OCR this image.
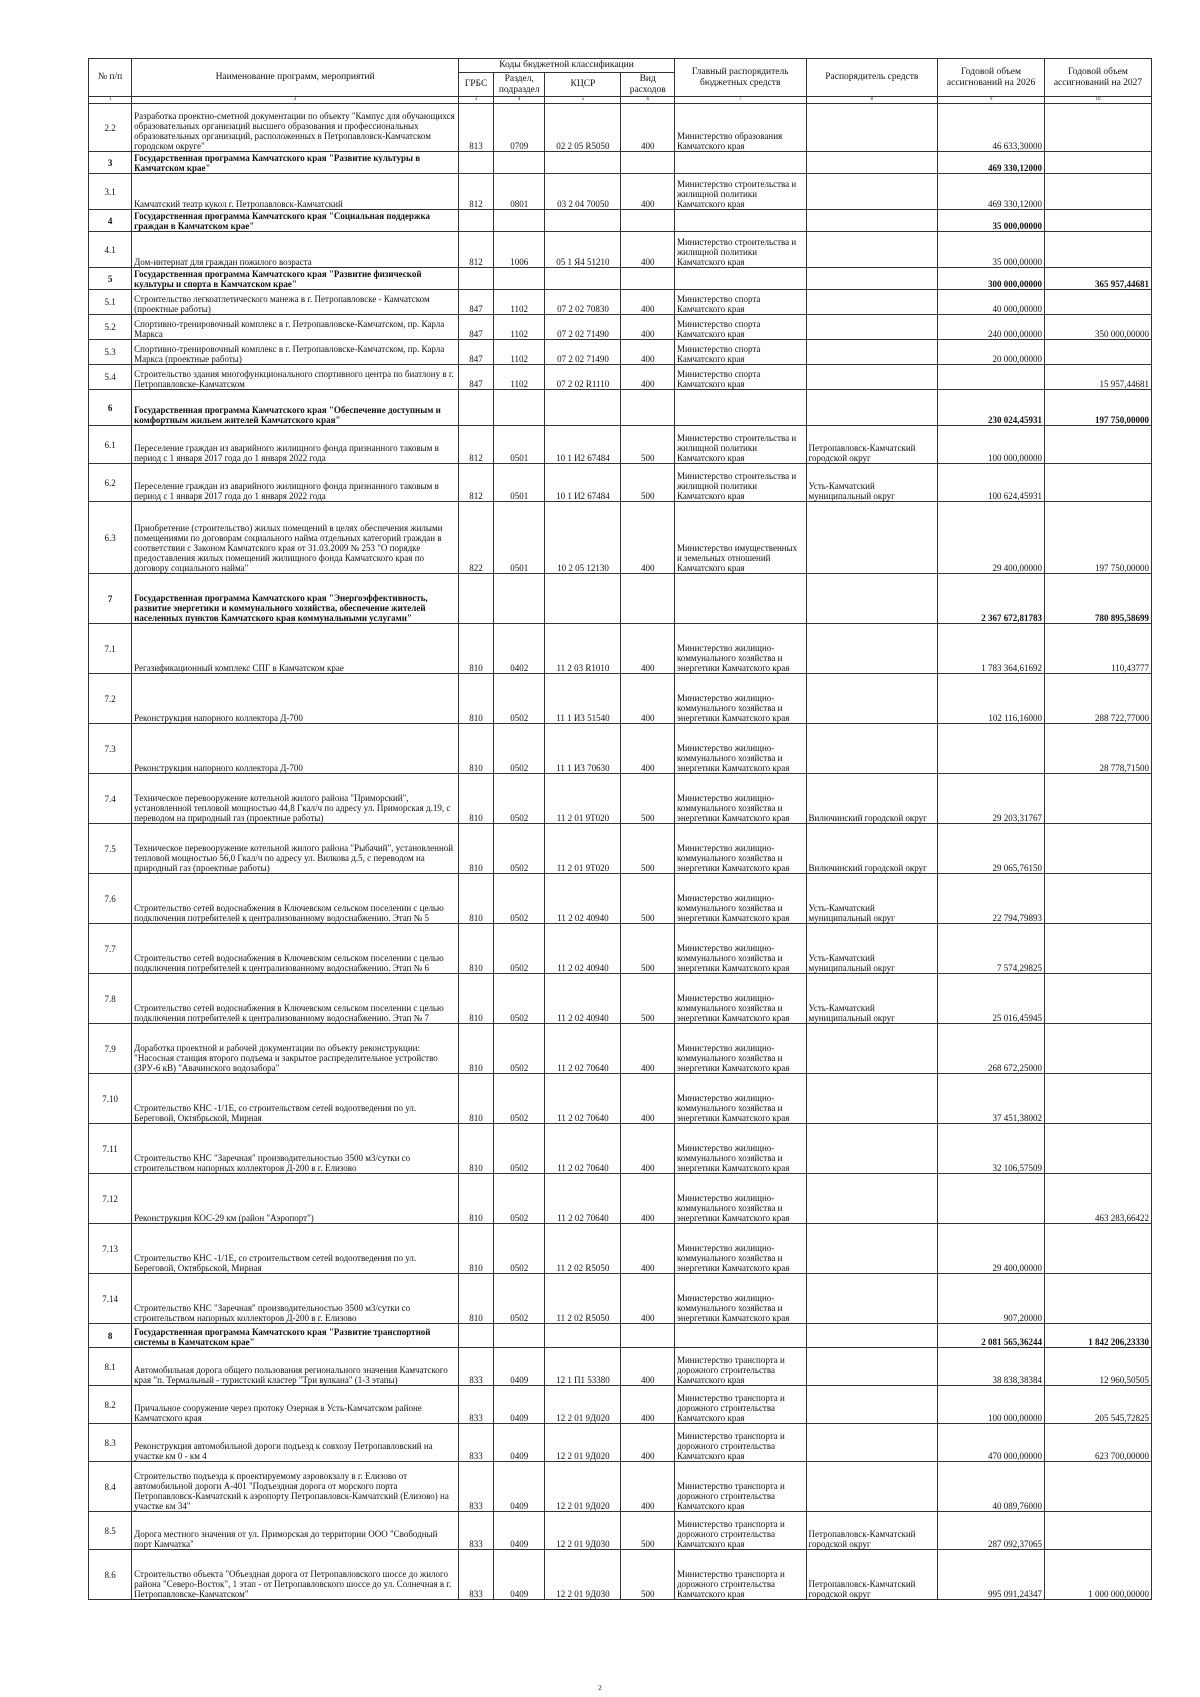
№ п/п	Наименование программ, мероприятий	Коды бюджетной классификации				Главный распорядитель бюджетных средств	Распорядитель средств	Годовой объем ассигнований на 2026	Годовой объем ассигнований на 2027
		ГРБС	Раздел, подраздел	КЦСР	Вид расходов				
1	2	3	4	5	6	7	8	9	10
2.2	Разработка проектно-сметной документации по объекту "Кампус для обучающихся образовательных организаций высшего образования и профессиональных образовательных организаций, расположенных в Петропавловск-Камчатском городском округе"	813	0709	02 2 05 R5050	400	Министерство образования Камчатского края		46 633,30000	
3	Государственная программа Камчатского края "Развитие культуры в Камчатском крае"							469 330,12000	
3.1	Камчатский театр кукол г. Петропавловск-Камчатский	812	0801	03 2 04 70050	400	Министерство строительства и жилищной политики Камчатского края		469 330,12000	
4	Государственная программа Камчатского края "Социальная поддержка граждан в Камчатском крае"							35 000,00000	
4.1	Дом-интернат для граждан пожилого возраста	812	1006	05 1 Я4 51210	400	Министерство строительства и жилищной политики Камчатского края		35 000,00000	
5	Государственная программа Камчатского края "Развитие физической культуры и спорта в Камчатском крае"							300 000,00000	365 957,44681
5.1	Строительство легкоатлетического манежа в г. Петропавловске - Камчатском (проектные работы)	847	1102	07 2 02 70830	400	Министерство спорта Камчатского края		40 000,00000	
5.2	Спортивно-тренировочный комплекс в г. Петропавловске-Камчатском, пр. Карла Маркса	847	1102	07 2 02 71490	400	Министерство спорта Камчатского края		240 000,00000	350 000,00000
5.3	Спортивно-тренировочный комплекс в г. Петропавловске-Камчатском, пр. Карла Маркса (проектные работы)	847	1102	07 2 02 71490	400	Министерство спорта Камчатского края		20 000,00000	
5.4	Строительство здания многофункционального спортивного центра по биатлону в г. Петропавловске-Камчатском	847	1102	07 2 02 R1110	400	Министерство спорта Камчатского края			15 957,44681
6	Государственная программа Камчатского края "Обеспечение доступным и комфортным жильем жителей Камчатского края"							230 024,45931	197 750,00000
6.1	Переселение граждан из аварийного жилищного фонда признанного таковым в период с 1 января 2017 года до 1 января 2022 года	812	0501	10 1 И2 67484	500	Министерство строительства и жилищной политики Камчатского края	Петропавловск-Камчатский городской округ	100 000,00000	
6.2	Переселение граждан из аварийного жилищного фонда признанного таковым в период с 1 января 2017 года до 1 января 2022 года	812	0501	10 1 И2 67484	500	Министерство строительства и жилищной политики Камчатского края	Усть-Камчатский муниципальный округ	100 624,45931	
6.3	Приобретение (строительство) жилых помещений в целях обеспечения жилыми помещениями по договорам социального найма отдельных категорий граждан в соответствии с Законом Камчатского края от 31.03.2009 № 253 "О порядке предоставления жилых помещений жилищного фонда Камчатского края по договору социального найма"	822	0501	10 2 05 12130	400	Министерство имущественных и земельных отношений Камчатского края		29 400,00000	197 750,00000
7	Государственная программа Камчатского края "Энергоэффективность, развитие энергетики и коммунального хозяйства, обеспечение жителей населенных пунктов Камчатского края коммунальными услугами"							2 367 672,81783	780 895,58699
7.1	Регазификационный комплекс СПГ в Камчатском крае	810	0402	11 2 03 R1010	400	Министерство жилищно-коммунального хозяйства и энергетики Камчатского края		1 783 364,61692	110,43777
7.2	Реконструкция напорного коллектора Д-700	810	0502	11 1 И3 51540	400	Министерство жилищно-коммунального хозяйства и энергетики Камчатского края		102 116,16000	288 722,77000
7.3	Реконструкция напорного коллектора Д-700	810	0502	11 1 И3 70630	400	Министерство жилищно-коммунального хозяйства и энергетики Камчатского края			28 778,71500
7.4	Техническое перевооружение котельной жилого района "Приморский", установленной тепловой мощностью 44,8 Гкал/ч по адресу ул. Приморская д.19, с переводом на природный газ (проектные работы)	810	0502	11 2 01 9Т020	500	Министерство жилищно-коммунального хозяйства и энергетики Камчатского края	Вилючинский городской округ	29 203,31767	
7.5	Техническое перевооружение котельной жилого района "Рыбачий", установленной тепловой мощностью 56,0 Гкал/ч по адресу ул. Вилкова д.5, с переводом на природный газ (проектные работы)	810	0502	11 2 01 9Т020	500	Министерство жилищно-коммунального хозяйства и энергетики Камчатского края	Вилючинский городской округ	29 065,76150	
7.6	Строительство сетей водоснабжения в Ключевском сельском поселении с целью подключения потребителей к централизованному водоснабжению. Этап № 5	810	0502	11 2 02 40940	500	Министерство жилищно-коммунального хозяйства и энергетики Камчатского края	Усть-Камчатский муниципальный округ	22 794,79893	
7.7	Строительство сетей водоснабжения в Ключевском сельском поселении с целью подключения потребителей к централизованному водоснабжению. Этап № 6	810	0502	11 2 02 40940	500	Министерство жилищно-коммунального хозяйства и энергетики Камчатского края	Усть-Камчатский муниципальный округ	7 574,29825	
7.8	Строительство сетей водоснабжения в Ключевском сельском поселении с целью подключения потребителей к централизованному водоснабжению. Этап № 7	810	0502	11 2 02 40940	500	Министерство жилищно-коммунального хозяйства и энергетики Камчатского края	Усть-Камчатский муниципальный округ	25 016,45945	
7.9	Доработка проектной и рабочей документации по объекту реконструкции: "Насосная станция второго подъема и закрытое распределительное устройство (ЗРУ-6 кВ) "Авачинского водозабора"	810	0502	11 2 02 70640	400	Министерство жилищно-коммунального хозяйства и энергетики Камчатского края		268 672,25000	
7.10	Строительство КНС -1/1Е, со строительством сетей водоотведения по ул. Береговой, Октябрьской, Мирная	810	0502	11 2 02 70640	400	Министерство жилищно-коммунального хозяйства и энергетики Камчатского края		37 451,38002	
7.11	Строительство КНС "Заречная" производительностью 3500 м3/сутки со строительством напорных коллекторов Д-200 в г. Елизово	810	0502	11 2 02 70640	400	Министерство жилищно-коммунального хозяйства и энергетики Камчатского края		32 106,57509	
7.12	Реконструкция КОС-29 км (район "Аэропорт")	810	0502	11 2 02 70640	400	Министерство жилищно-коммунального хозяйства и энергетики Камчатского края			463 283,66422
7.13	Строительство КНС -1/1Е, со строительством сетей водоотведения по ул. Береговой, Октябрьской, Мирная	810	0502	11 2 02 R5050	400	Министерство жилищно-коммунального хозяйства и энергетики Камчатского края		29 400,00000	
7.14	Строительство КНС "Заречная" производительностью 3500 м3/сутки со строительством напорных коллекторов Д-200 в г. Елизово	810	0502	11 2 02 R5050	400	Министерство жилищно-коммунального хозяйства и энергетики Камчатского края		907,20000	
8	Государственная программа Камчатского края "Развитие транспортной системы в Камчатском крае"							2 081 565,36244	1 842 206,23330
8.1	Автомобильная дорога общего пользования регионального значения Камчатского края "п. Термальный - туристский кластер "Три вулкана" (1-3 этапы)	833	0409	12 1 П1 53380	400	Министерство транспорта и дорожного строительства Камчатского края		38 838,38384	12 960,50505
8.2	Причальное сооружение через протоку Озерная в Усть-Камчатском районе Камчатского края	833	0409	12 2 01 9Д020	400	Министерство транспорта и дорожного строительства Камчатского края		100 000,00000	205 545,72825
8.3	Реконструкция автомобильной дороги подъезд к совхозу Петропавловский на участке км 0 - км 4	833	0409	12 2 01 9Д020	400	Министерство транспорта и дорожного строительства Камчатского края		470 000,00000	623 700,00000
8.4	Строительство подъезда к проектируемому аэровокзалу в г. Елизово от автомобильной дороги А-401 "Подъездная дорога от морского порта Петропавловск-Камчатский к аэропорту Петропавловск-Камчатский (Елизово) на участке км 34"	833	0409	12 2 01 9Д020	400	Министерство транспорта и дорожного строительства Камчатского края		40 089,76000	
8.5	Дорога местного значения от ул. Приморская до территории ООО "Свободный порт Камчатка"	833	0409	12 2 01 9Д030	500	Министерство транспорта и дорожного строительства Камчатского края	Петропавловск-Камчатский городской округ	287 092,37065	
8.6	Строительство объекта "Объездная дорога от Петропавловского шоссе до жилого района "Северо-Восток", 1 этап - от Петропавловского шоссе до ул. Солнечная в г. Петропавловске-Камчатском"	833	0409	12 2 01 9Д030	500	Министерство транспорта и дорожного строительства Камчатского края	Петропавловск-Камчатский городской округ	995 091,24347	1 000 000,00000
2
